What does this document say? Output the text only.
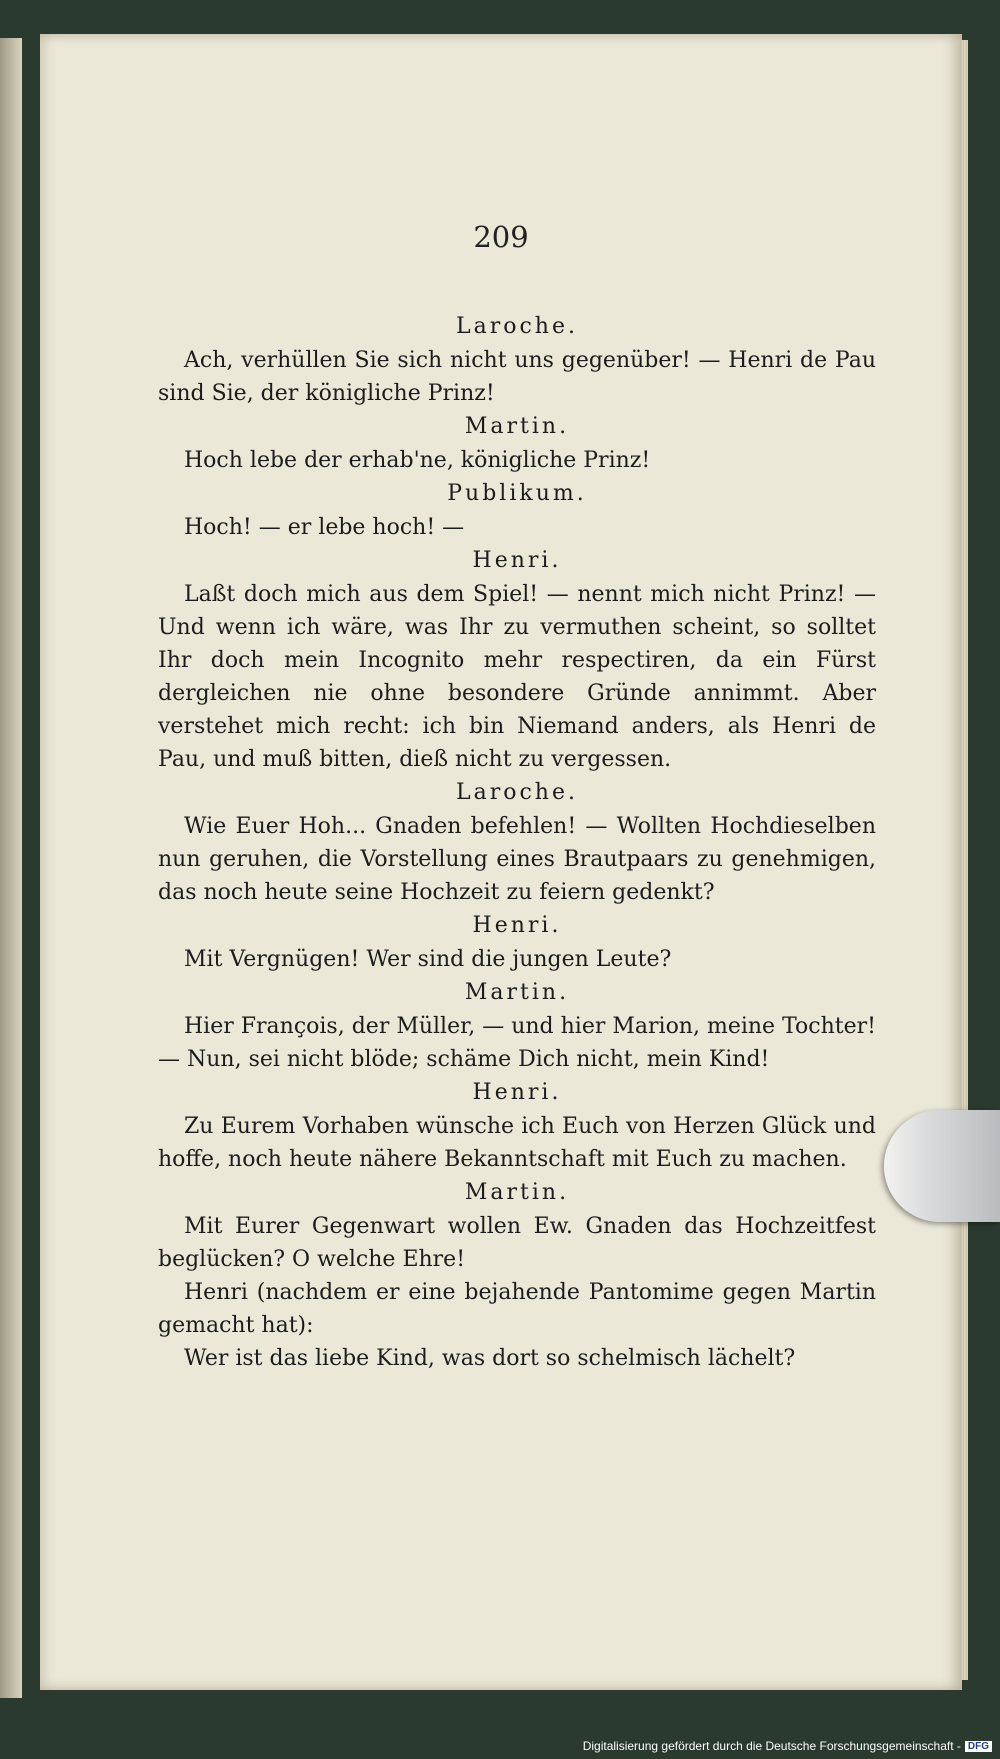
209
Laroche.
Ach, verhüllen Sie sich nicht uns gegenüber! — Henri de Pau sind Sie, der königliche Prinz!
Martin.
Hoch lebe der erhab'ne, königliche Prinz!
Publikum.
Hoch! — er lebe hoch! —
Henri.
Laßt doch mich aus dem Spiel! — nennt mich nicht Prinz! — Und wenn ich wäre, was Ihr zu vermuthen scheint, so solltet Ihr doch mein Incognito mehr respectiren, da ein Fürst dergleichen nie ohne besondere Gründe annimmt. Aber verstehet mich recht: ich bin Niemand anders, als Henri de Pau, und muß bitten, dieß nicht zu vergessen.
Laroche.
Wie Euer Hoh... Gnaden befehlen! — Wollten Hochdieselben nun geruhen, die Vorstellung eines Brautpaars zu genehmigen, das noch heute seine Hochzeit zu feiern gedenkt?
Henri.
Mit Vergnügen! Wer sind die jungen Leute?
Martin.
Hier François, der Müller, — und hier Marion, meine Tochter! — Nun, sei nicht blöde; schäme Dich nicht, mein Kind!
Henri.
Zu Eurem Vorhaben wünsche ich Euch von Herzen Glück und hoffe, noch heute nähere Bekanntschaft mit Euch zu machen.
Martin.
Mit Eurer Gegenwart wollen Ew. Gnaden das Hochzeitfest beglücken? O welche Ehre!
Henri (nachdem er eine bejahende Pantomime gegen Martin gemacht hat):
Wer ist das liebe Kind, was dort so schelmisch lächelt?
Digitalisierung gefördert durch die Deutsche Forschungsgemeinschaft - DFG
